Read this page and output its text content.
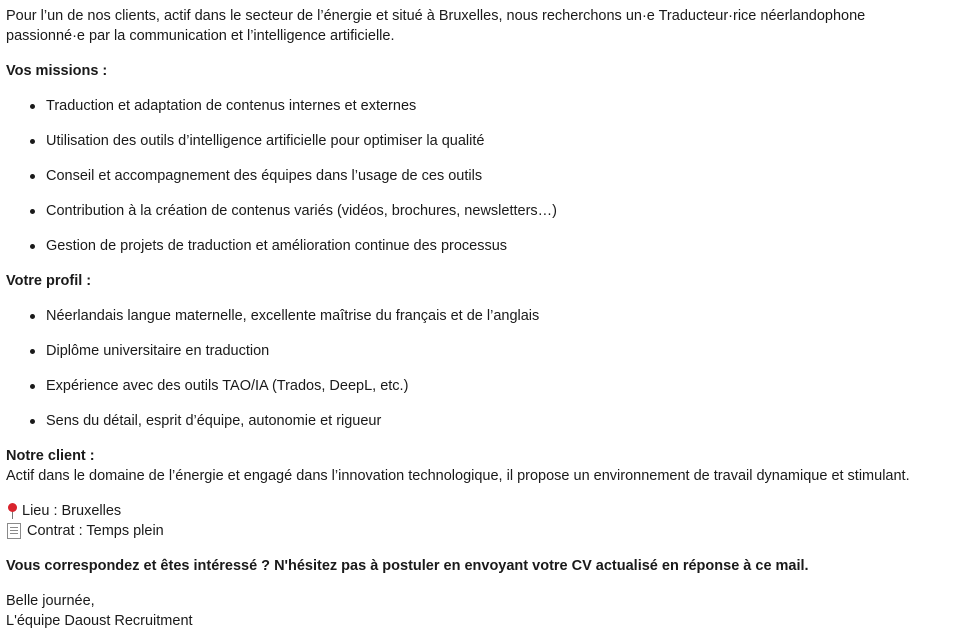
Pour l’un de nos clients, actif dans le secteur de l’énergie et situé à Bruxelles, nous recherchons un·e Traducteur·rice néerlandophone passionné·e par la communication et l’intelligence artificielle.

Vos missions :

Traduction et adaptation de contenus internes et externes
Utilisation des outils d’intelligence artificielle pour optimiser la qualité
Conseil et accompagnement des équipes dans l’usage de ces outils
Contribution à la création de contenus variés (vidéos, brochures, newsletters…)
Gestion de projets de traduction et amélioration continue des processus

Votre profil :

Néerlandais langue maternelle, excellente maîtrise du français et de l’anglais
Diplôme universitaire en traduction
Expérience avec des outils TAO/IA (Trados, DeepL, etc.)
Sens du détail, esprit d’équipe, autonomie et rigueur

Notre client :

Actif dans le domaine de l’énergie et engagé dans l’innovation technologique, il propose un environnement de travail dynamique et stimulant.

Lieu : Bruxelles
Contrat : Temps plein

Vous correspondez et êtes intéressé ? N'hésitez pas à postuler en envoyant votre CV actualisé en réponse à ce mail.

Belle journée,

L'équipe Daoust Recruitment
